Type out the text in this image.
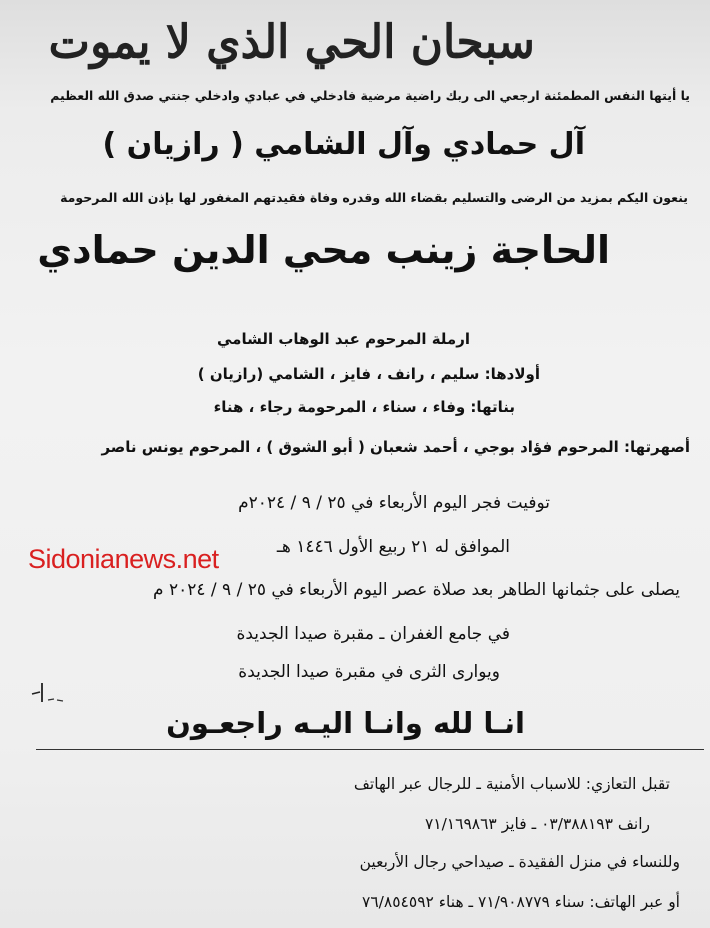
سبحان الحي الذي لا يموت
يا أيتها النفس المطمئنة ارجعي الى ربك راضية مرضية فادخلي في عبادي وادخلي جنتي صدق الله العظيم
آل حمادي وآل الشامي ( رازيان )
ينعون اليكم بمزيد من الرضى والتسليم بقضاء الله وقدره وفاة فقيدتهم المغفور لها بإذن الله المرحومة
الحاجة زينب محي الدين حمادي
ارملة المرحوم عبد الوهاب الشامي
أولادها: سليم ، رانف ، فايز ، الشامي (رازيان )
بناتها: وفاء ، سناء ، المرحومة رجاء ، هناء
أصهرتها: المرحوم فؤاد بوجي ، أحمد شعبان ( أبو الشوق ) ، المرحوم يونس ناصر
توفيت فجر اليوم الأربعاء في ٢٥ / ٩ / ٢٠٢٤م
الموافق له ٢١ ربيع الأول ١٤٤٦ هـ
يصلى على جثمانها الطاهر بعد صلاة عصر اليوم الأربعاء في ٢٥ / ٩ / ٢٠٢٤ م
في جامع الغفران ـ مقبرة صيدا الجديدة
ويوارى الثرى في مقبرة صيدا الجديدة
انـا لله وانـا اليـه راجعـون
تقبل التعازي: للاسباب الأمنية ـ للرجال عبر الهاتف
رانف ٠٣/٣٨٨١٩٣ ـ فايز ٧١/١٦٩٨٦٣
وللنساء في منزل الفقيدة ـ صيداحي رجال الأربعين
أو عبر الهاتف: سناء ٧١/٩٠٨٧٧٩ ـ هناء ٧٦/٨٥٤٥٩٢
Sidonianews.net
